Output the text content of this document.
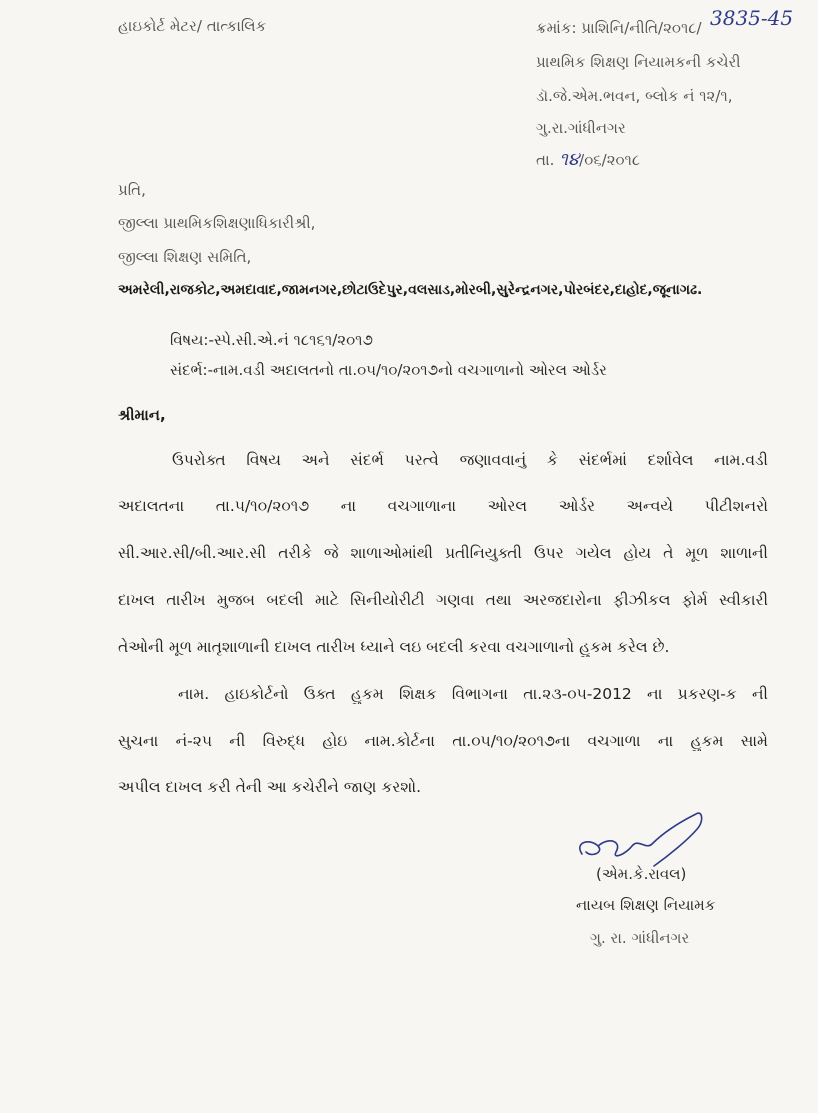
હાઇકોર્ટ મેટર/ તાત્કાલિક	ક્રમાંક: પ્રાશિનિ/નીતિ/૨૦૧૮/ 3835-45
પ્રાથમિક શિક્ષણ નિયામકની કચેરી
ડૉ.જે.એમ.ભવન, બ્લોક નં ૧૨/૧,
ગુ.રા.ગાંધીનગર
તા. ૧૪/૦૬/૨૦૧૮
પ્રતિ,
જીલ્લા પ્રાથમિકશિક્ષણાધિકારીશ્રી,
જીલ્લા શિક્ષણ સમિતિ,
અમરેલી,રાજકોટ,અમદાવાદ,જામનગર,છોટાઉદેપુર,વલસાડ,મોરબી,સુરેન્દ્રનગર,પોરબંદર,દાહોદ,જૂનાગઢ.
વિષય:-સ્પે.સી.એ.નં ૧૮૧૬૧/૨૦૧૭
સંદર્ભ:-નામ.વડી અદાલતનો તા.૦૫/૧૦/૨૦૧૭નો વચગાળાનો ઓરલ ઓર્ડર
શ્રીમાન,
ઉપરોક્ત વિષય અને સંદર્ભ પરત્વે જણાવવાનું કે સંદર્ભમાં દર્શાવેલ નામ.વડી
અદાલતના તા.૫/૧૦/૨૦૧૭ ના વચગાળાના ઓરલ ઓર્ડર અન્વયે પીટીશનરો
સી.આર.સી/બી.આર.સી તરીકે જે શાળાઓમાંથી પ્રતીનિયુક્તી ઉપર ગયેલ હોય તે મૂળ શાળાની
દાખલ તારીખ મુજબ બદલી માટે સિનીયોરીટી ગણવા તથા અરજદારોના ફીઝીકલ ફોર્મ સ્વીકારી
તેઓની મૂળ માતૃશાળાની દાખલ તારીખ ધ્યાને લઇ બદલી કરવા વચગાળાનો હુકમ કરેલ છે.
નામ. હાઇકોર્ટનો ઉક્ત હુકમ શિક્ષક વિભાગના તા.૨૩-૦૫-2012 ના પ્રકરણ-ક ની
સુચના નં-૨૫ ની વિરુદ્ધ હોઇ નામ.કોર્ટના તા.૦૫/૧૦/૨૦૧૭ના વચગાળા ના હુકમ સામે
અપીલ દાખલ કરી તેની આ કચેરીને જાણ કરશો.
(એમ.કે.રાવલ)
નાયબ શિક્ષણ નિયામક
ગુ. રા. ગાંધીનગર
